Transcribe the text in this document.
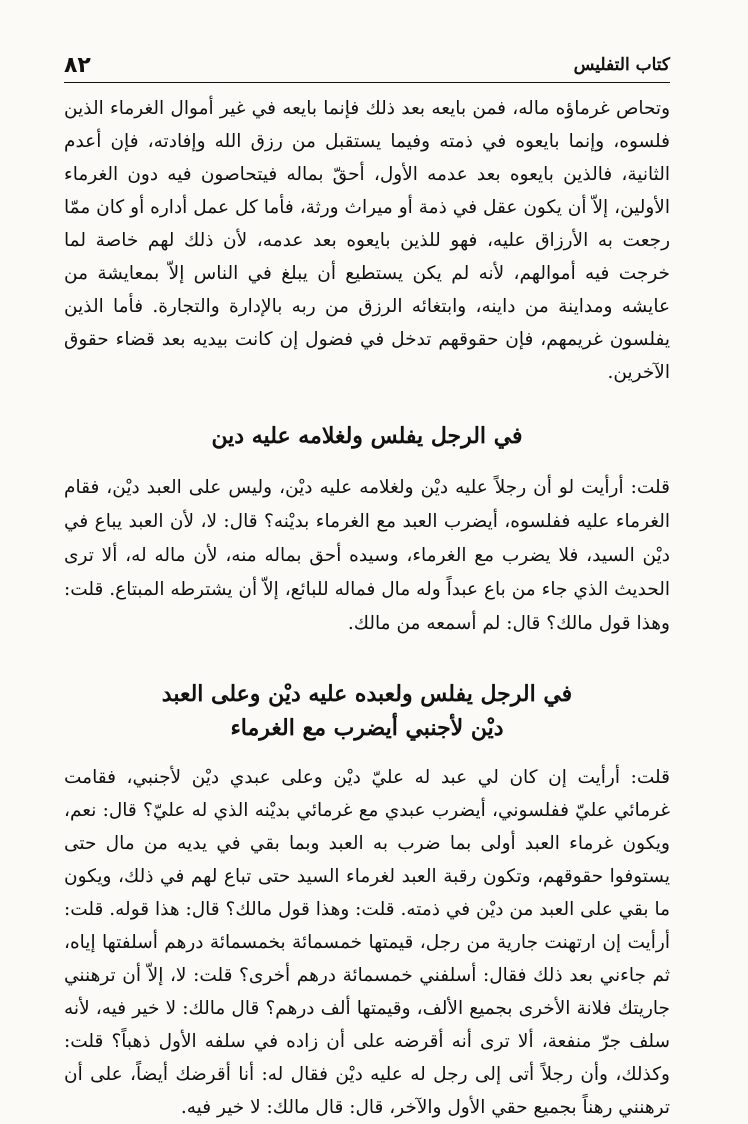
كتاب التفليس
٨٢

وتحاص غرماؤه ماله، فمن بايعه بعد ذلك فإنما بايعه في غير أموال الغرماء الذين فلسوه، وإنما بايعوه في ذمته وفيما يستقبل من رزق الله وإفادته، فإن أعدم الثانية، فالذين بايعوه بعد عدمه الأول، أحقّ بماله فيتحاصون فيه دون الغرماء الأولين، إلاّ أن يكون عقل في ذمة أو ميراث ورثة، فأما كل عمل أداره أو كان ممّا رجعت به الأرزاق عليه، فهو للذين بايعوه بعد عدمه، لأن ذلك لهم خاصة لما خرجت فيه أموالهم، لأنه لم يكن يستطيع أن يبلغ في الناس إلاّ بمعايشة من عايشه ومداينة من داينه، وابتغائه الرزق من ربه بالإدارة والتجارة. فأما الذين يفلسون غريمهم، فإن حقوقهم تدخل في فضول إن كانت بيديه بعد قضاء حقوق الآخرين.

في الرجل يفلس ولغلامه عليه دين

قلت: أرأيت لو أن رجلاً عليه ديْن ولغلامه عليه ديْن، وليس على العبد ديْن، فقام الغرماء عليه ففلسوه، أيضرب العبد مع الغرماء بديْنه؟ قال: لا، لأن العبد يباع في ديْن السيد، فلا يضرب مع الغرماء، وسيده أحق بماله منه، لأن ماله له، ألا ترى الحديث الذي جاء من باع عبداً وله مال فماله للبائع، إلاّ أن يشترطه المبتاع. قلت: وهذا قول مالك؟ قال: لم أسمعه من مالك.

في الرجل يفلس ولعبده عليه ديْن وعلى العبد
ديْن لأجنبي أيضرب مع الغرماء

قلت: أرأيت إن كان لي عبد له عليّ ديْن وعلى عبدي ديْن لأجنبي، فقامت غرمائي عليّ ففلسوني، أيضرب عبدي مع غرمائي بديْنه الذي له عليّ؟ قال: نعم، ويكون غرماء العبد أولى بما ضرب به العبد وبما بقي في يديه من مال حتى يستوفوا حقوقهم، وتكون رقبة العبد لغرماء السيد حتى تباع لهم في ذلك، ويكون ما بقي على العبد من ديْن في ذمته. قلت: وهذا قول مالك؟ قال: هذا قوله. قلت: أرأيت إن ارتهنت جارية من رجل، قيمتها خمسمائة بخمسمائة درهم أسلفتها إياه، ثم جاءني بعد ذلك فقال: أسلفني خمسمائة درهم أخرى؟ قلت: لا، إلاّ أن ترهنني جاريتك فلانة الأخرى بجميع الألف، وقيمتها ألف درهم؟ قال مالك: لا خير فيه، لأنه سلف جرّ منفعة، ألا ترى أنه أقرضه على أن زاده في سلفه الأول ذهباً؟ قلت: وكذلك، وأن رجلاً أتى إلى رجل له عليه ديْن فقال له: أنا أقرضك أيضاً، على أن ترهنني رهناً بجميع حقي الأول والآخر، قال: قال مالك: لا خير فيه.
